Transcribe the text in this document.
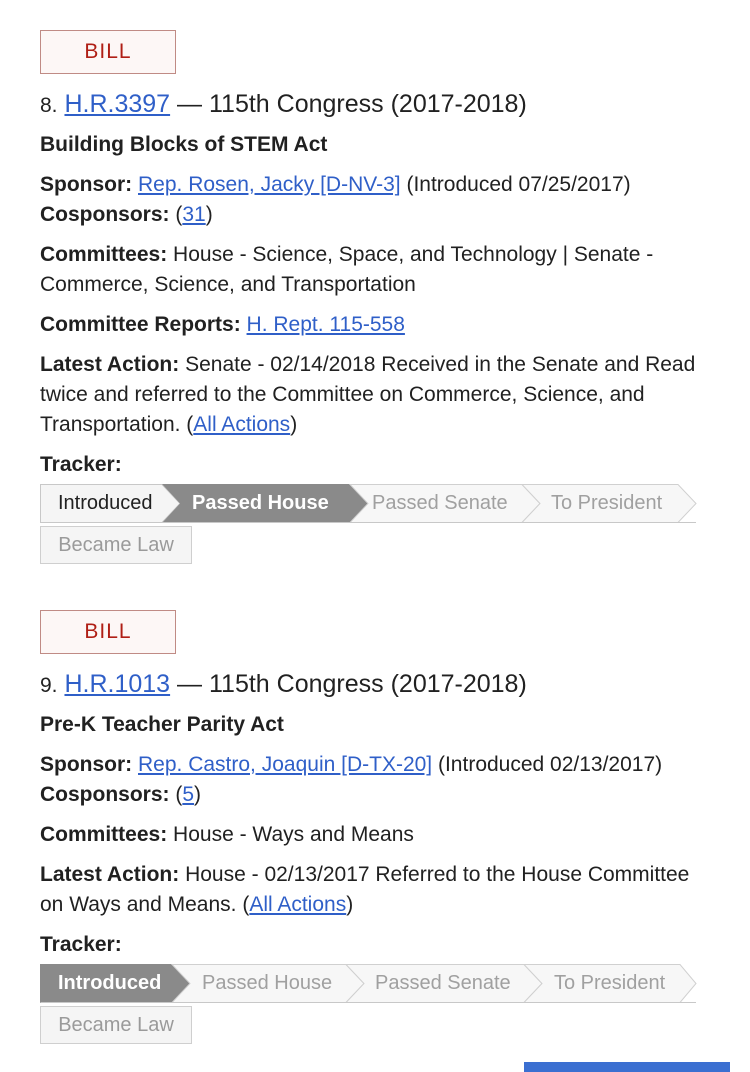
BILL
8. H.R.3397 — 115th Congress (2017-2018)
Building Blocks of STEM Act
Sponsor: Rep. Rosen, Jacky [D-NV-3] (Introduced 07/25/2017) Cosponsors: (31)
Committees: House - Science, Space, and Technology | Senate - Commerce, Science, and Transportation
Committee Reports: H. Rept. 115-558
Latest Action: Senate - 02/14/2018 Received in the Senate and Read twice and referred to the Committee on Commerce, Science, and Transportation. (All Actions)
Tracker:
Introduced Passed House Passed Senate To President
Became Law
BILL
9. H.R.1013 — 115th Congress (2017-2018)
Pre-K Teacher Parity Act
Sponsor: Rep. Castro, Joaquin [D-TX-20] (Introduced 02/13/2017) Cosponsors: (5)
Committees: House - Ways and Means
Latest Action: House - 02/13/2017 Referred to the House Committee on Ways and Means. (All Actions)
Tracker:
Introduced Passed House Passed Senate To President
Became Law
